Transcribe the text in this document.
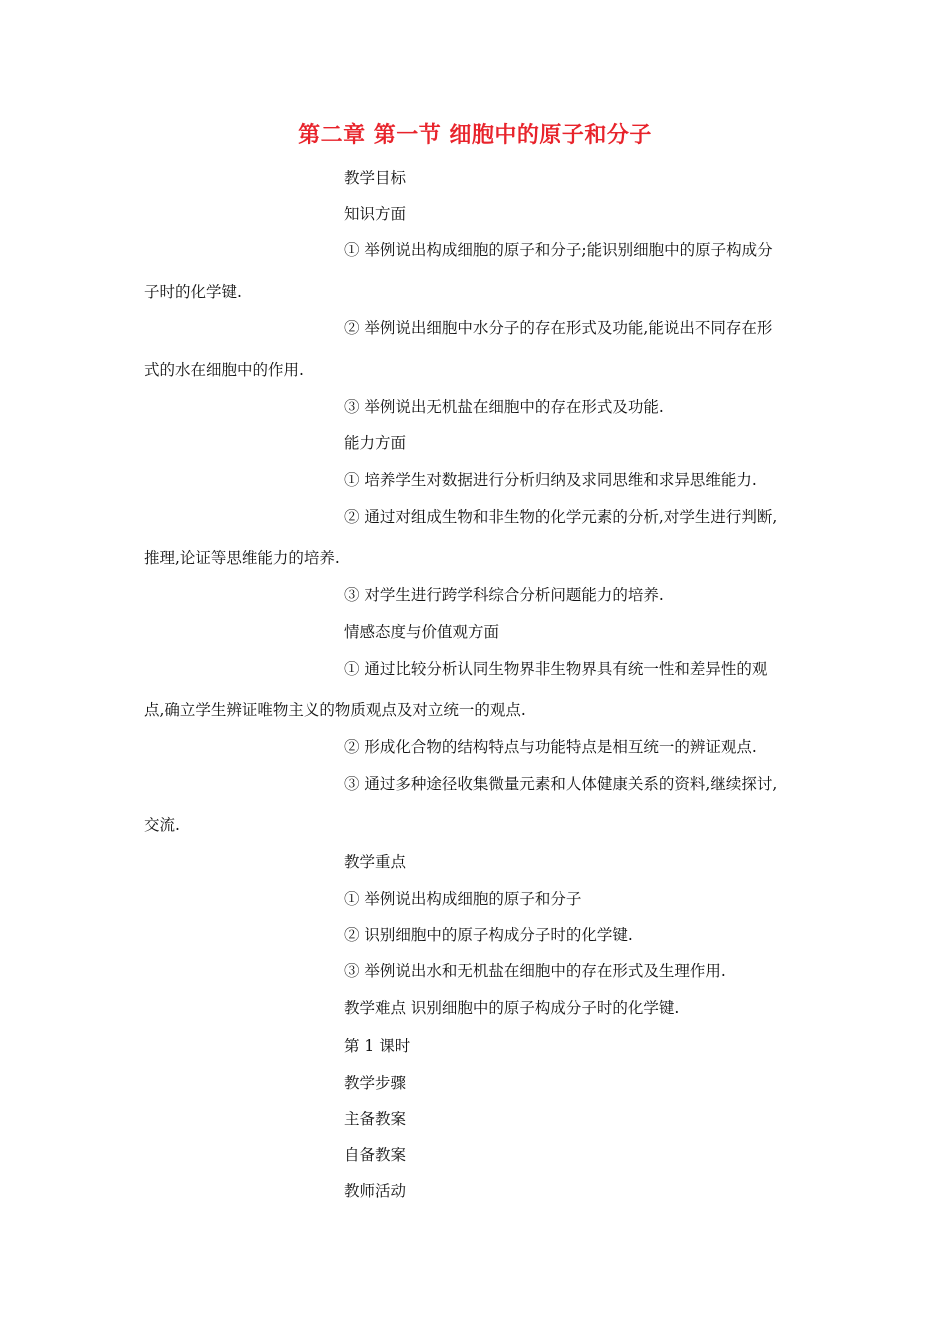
第二章 第一节 细胞中的原子和分子
教学目标
知识方面
① 举例说出构成细胞的原子和分子;能识别细胞中的原子构成分
子时的化学键.
② 举例说出细胞中水分子的存在形式及功能,能说出不同存在形
式的水在细胞中的作用.
③ 举例说出无机盐在细胞中的存在形式及功能.
能力方面
① 培养学生对数据进行分析归纳及求同思维和求异思维能力.
② 通过对组成生物和非生物的化学元素的分析,对学生进行判断,
推理,论证等思维能力的培养.
③ 对学生进行跨学科综合分析问题能力的培养.
情感态度与价值观方面
① 通过比较分析认同生物界非生物界具有统一性和差异性的观
点,确立学生辨证唯物主义的物质观点及对立统一的观点.
② 形成化合物的结构特点与功能特点是相互统一的辨证观点.
③ 通过多种途径收集微量元素和人体健康关系的资料,继续探讨,
交流.
教学重点
① 举例说出构成细胞的原子和分子
② 识别细胞中的原子构成分子时的化学键.
③ 举例说出水和无机盐在细胞中的存在形式及生理作用.
教学难点 识别细胞中的原子构成分子时的化学键.
第 1 课时
教学步骤
主备教案
自备教案
教师活动
